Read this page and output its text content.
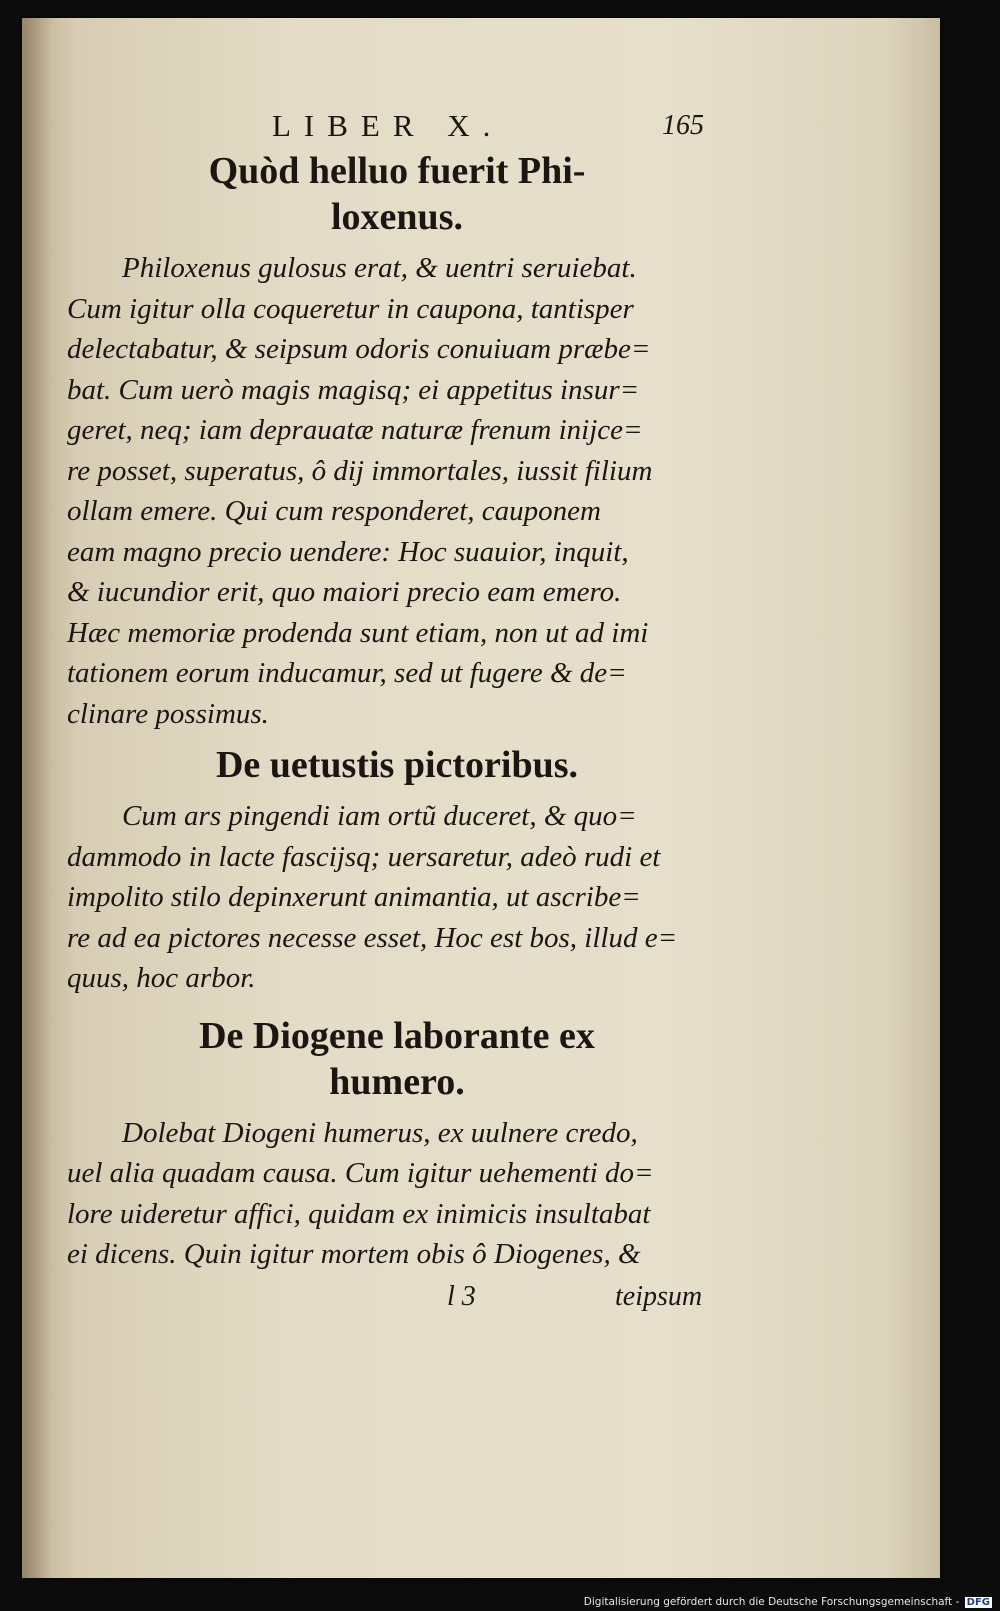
LIBER X.	165
Quòd helluo fuerit Phi-
loxenus.

Philoxenus gulosus erat, & uentri seruiebat.
Cum igitur olla coqueretur in caupona, tantisper
delectabatur, & seipsum odoris conuiuam præbe=
bat. Cum uerò magis magisq; ei appetitus insur=
geret, neq; iam deprauatæ naturæ frenum inijce=
re posset, superatus, ô dij immortales, iussit filium
ollam emere. Qui cum responderet, cauponem
eam magno precio uendere: Hoc suauior, inquit,
& iucundior erit, quo maiori precio eam emero.
Hæc memoriæ prodenda sunt etiam, non ut ad imi
tationem eorum inducamur, sed ut fugere & de=
clinare possimus.

De uetustis pictoribus.

Cum ars pingendi iam ortũ duceret, & quo=
dammodo in lacte fascijsq; uersaretur, adeò rudi et
impolito stilo depinxerunt animantia, ut ascribe=
re ad ea pictores necesse esset, Hoc est bos, illud e=
quus, hoc arbor.

De Diogene laborante ex
humero.

Dolebat Diogeni humerus, ex uulnere credo,
uel alia quadam causa. Cum igitur uehementi do=
lore uideretur affici, quidam ex inimicis insultabat
ei dicens. Quin igitur mortem obis ô Diogenes, &

l 3	teipsum
Digitalisierung gefördert durch die Deutsche Forschungsgemeinschaft - DFG
